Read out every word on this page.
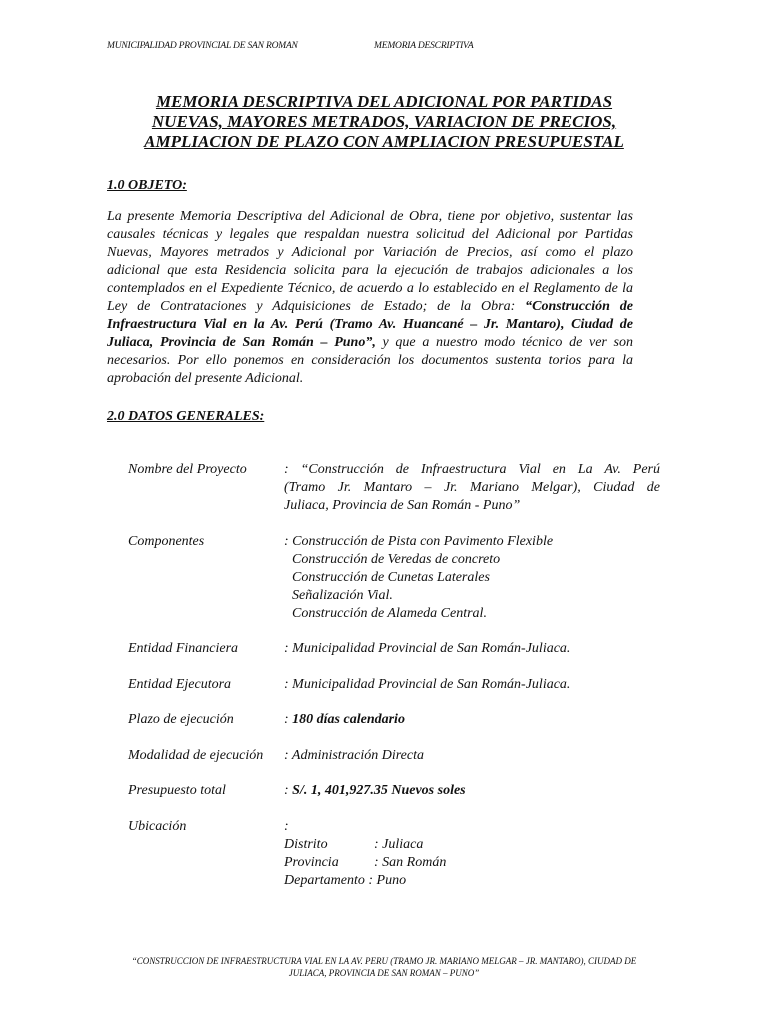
MUNICIPALIDAD PROVINCIAL DE SAN ROMAN	MEMORIA DESCRIPTIVA
MEMORIA DESCRIPTIVA DEL ADICIONAL POR PARTIDAS
NUEVAS, MAYORES METRADOS, VARIACION DE PRECIOS,
AMPLIACION DE PLAZO CON AMPLIACION PRESUPUESTAL
1.0 OBJETO:
La presente Memoria Descriptiva del Adicional de Obra, tiene por objetivo, sustentar las
causales técnicas y legales que respaldan nuestra solicitud del Adicional por Partidas
Nuevas, Mayores metrados y Adicional por Variación de Precios, así como el plazo
adicional que esta Residencia solicita para la ejecución de trabajos adicionales a los
contemplados en el Expediente Técnico, de acuerdo a lo establecido en el Reglamento de la
Ley de Contrataciones y Adquisiciones de Estado; de la Obra: “Construcción de
Infraestructura Vial en la Av. Perú (Tramo Av. Huancané – Jr. Mantaro), Ciudad de
Juliaca, Provincia de San Román – Puno”, y que a nuestro modo técnico de ver son
necesarios. Por ello ponemos en consideración los documentos sustenta torios para la
aprobación del presente Adicional.
2.0 DATOS GENERALES:
Nombre del Proyecto	: “Construcción de Infraestructura Vial en La Av. Perú
(Tramo Jr. Mantaro – Jr. Mariano Melgar), Ciudad de
Juliaca, Provincia de San Román - Puno”
Componentes	: Construcción de Pista con Pavimento Flexible
Construcción de Veredas de concreto
Construcción de Cunetas Laterales
Señalización Vial.
Construcción de Alameda Central.
Entidad Financiera	: Municipalidad Provincial de San Román-Juliaca.
Entidad Ejecutora	: Municipalidad Provincial de San Román-Juliaca.
Plazo de ejecución	: 180 días calendario
Modalidad de ejecución : Administración Directa
Presupuesto total	: S/. 1, 401,927.35 Nuevos soles
Ubicación	:
Distrito	: Juliaca
Provincia	: San Román
Departamento : Puno
“CONSTRUCCION DE INFRAESTRUCTURA VIAL EN LA AV. PERU (TRAMO JR. MARIANO MELGAR – JR. MANTARO), CIUDAD DE
JULIACA, PROVINCIA DE SAN ROMAN – PUNO”
